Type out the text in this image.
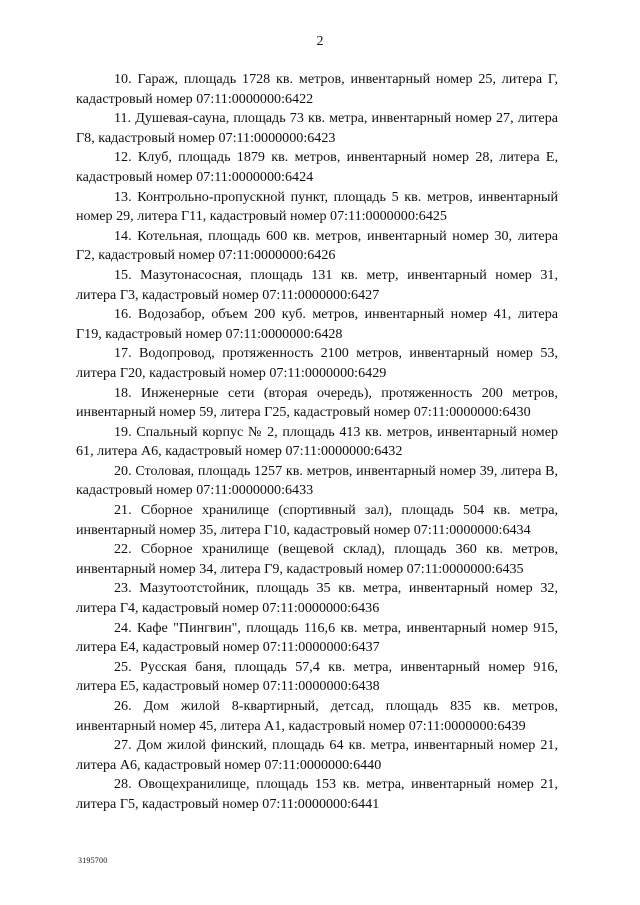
2

10. Гараж, площадь 1728 кв. метров, инвентарный номер 25, литера Г, кадастровый номер 07:11:0000000:6422

11. Душевая-сауна, площадь 73 кв. метра, инвентарный номер 27, литера Г8, кадастровый номер 07:11:0000000:6423

12. Клуб, площадь 1879 кв. метров, инвентарный номер 28, литера Е, кадастровый номер 07:11:0000000:6424

13. Контрольно-пропускной пункт, площадь 5 кв. метров, инвентарный номер 29, литера Г11, кадастровый номер 07:11:0000000:6425

14. Котельная, площадь 600 кв. метров, инвентарный номер 30, литера Г2, кадастровый номер 07:11:0000000:6426

15. Мазутонасосная, площадь 131 кв. метр, инвентарный номер 31, литера Г3, кадастровый номер 07:11:0000000:6427

16. Водозабор, объем 200 куб. метров, инвентарный номер 41, литера Г19, кадастровый номер 07:11:0000000:6428

17. Водопровод, протяженность 2100 метров, инвентарный номер 53, литера Г20, кадастровый номер 07:11:0000000:6429

18. Инженерные сети (вторая очередь), протяженность 200 метров, инвентарный номер 59, литера Г25, кадастровый номер 07:11:0000000:6430

19. Спальный корпус № 2, площадь 413 кв. метров, инвентарный номер 61, литера А6, кадастровый номер 07:11:0000000:6432

20. Столовая, площадь 1257 кв. метров, инвентарный номер 39, литера В, кадастровый номер 07:11:0000000:6433

21. Сборное хранилище (спортивный зал), площадь 504 кв. метра, инвентарный номер 35, литера Г10, кадастровый номер 07:11:0000000:6434

22. Сборное хранилище (вещевой склад), площадь 360 кв. метров, инвентарный номер 34, литера Г9, кадастровый номер 07:11:0000000:6435

23. Мазутоотстойник, площадь 35 кв. метра, инвентарный номер 32, литера Г4, кадастровый номер 07:11:0000000:6436

24. Кафе "Пингвин", площадь 116,6 кв. метра, инвентарный номер 915, литера Е4, кадастровый номер 07:11:0000000:6437

25. Русская баня, площадь 57,4 кв. метра, инвентарный номер 916, литера Е5, кадастровый номер 07:11:0000000:6438

26. Дом жилой 8-квартирный, детсад, площадь 835 кв. метров, инвентарный номер 45, литера А1, кадастровый номер 07:11:0000000:6439

27. Дом жилой финский, площадь 64 кв. метра, инвентарный номер 21, литера А6, кадастровый номер 07:11:0000000:6440

28. Овощехранилище, площадь 153 кв. метра, инвентарный номер 21, литера Г5, кадастровый номер 07:11:0000000:6441

3195700
